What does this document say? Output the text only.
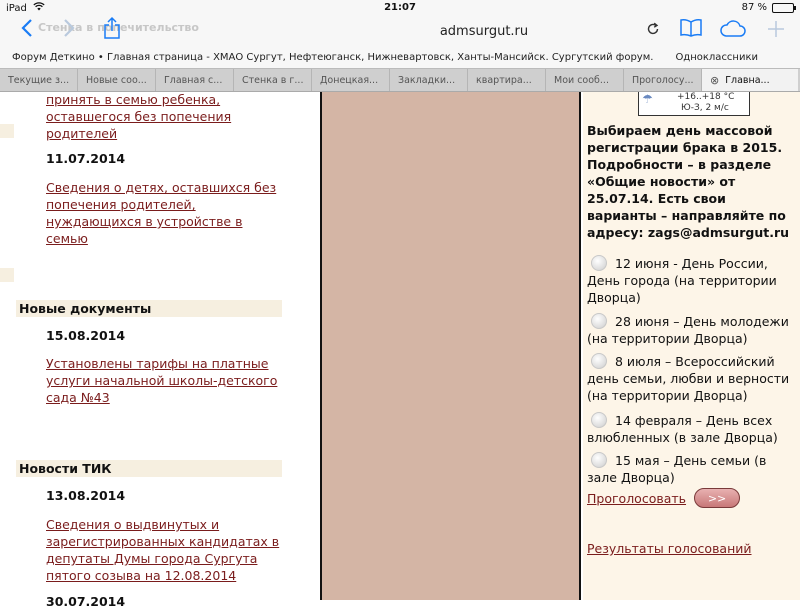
iPad	21:07	87 %
Стенка в попечительство	admsurgut.ru
Форум Деткино • Главная страница - ХМАО Сургут, Нефтеюганск, Нижневартовск, Ханты-Мансийск. Сургутский форум. Одноклассники
Текущие з...	Новые соо...	Главная с...	Стенка в г...	Донецкая...	Закладки...	квартира...	Мои сооб...	Проголосу...	⊗ Главна...
принять в семью ребенка, оставшегося без попечения родителей
11.07.2014
Сведения о детях, оставшихся без попечения родителей, нуждающихся в устройстве в семью
Новые документы
15.08.2014
Установлены тарифы на платные услуги начальной школы-детского сада №43
Новости ТИК
13.08.2014
Сведения о выдвинутых и зарегистрированных кандидатах в депутаты Думы города Сургута пятого созыва на 12.08.2014
30.07.2014
☂	+16..+18 °С
Ю-З, 2 м/с
Выбираем день массовой регистрации брака в 2015. Подробности – в разделе «Общие новости» от 25.07.14. Есть свои варианты – направляйте по адресу: zags@admsurgut.ru
12 июня - День России, День города (на территории Дворца)
28 июня – День молодежи (на территории Дворца)
8 июля – Всероссийский день семьи, любви и верности (на территории Дворца)
14 февраля – День всех влюбленных (в зале Дворца)
15 мая – День семьи (в зале Дворца)
Проголосовать	>>
Результаты голосований
